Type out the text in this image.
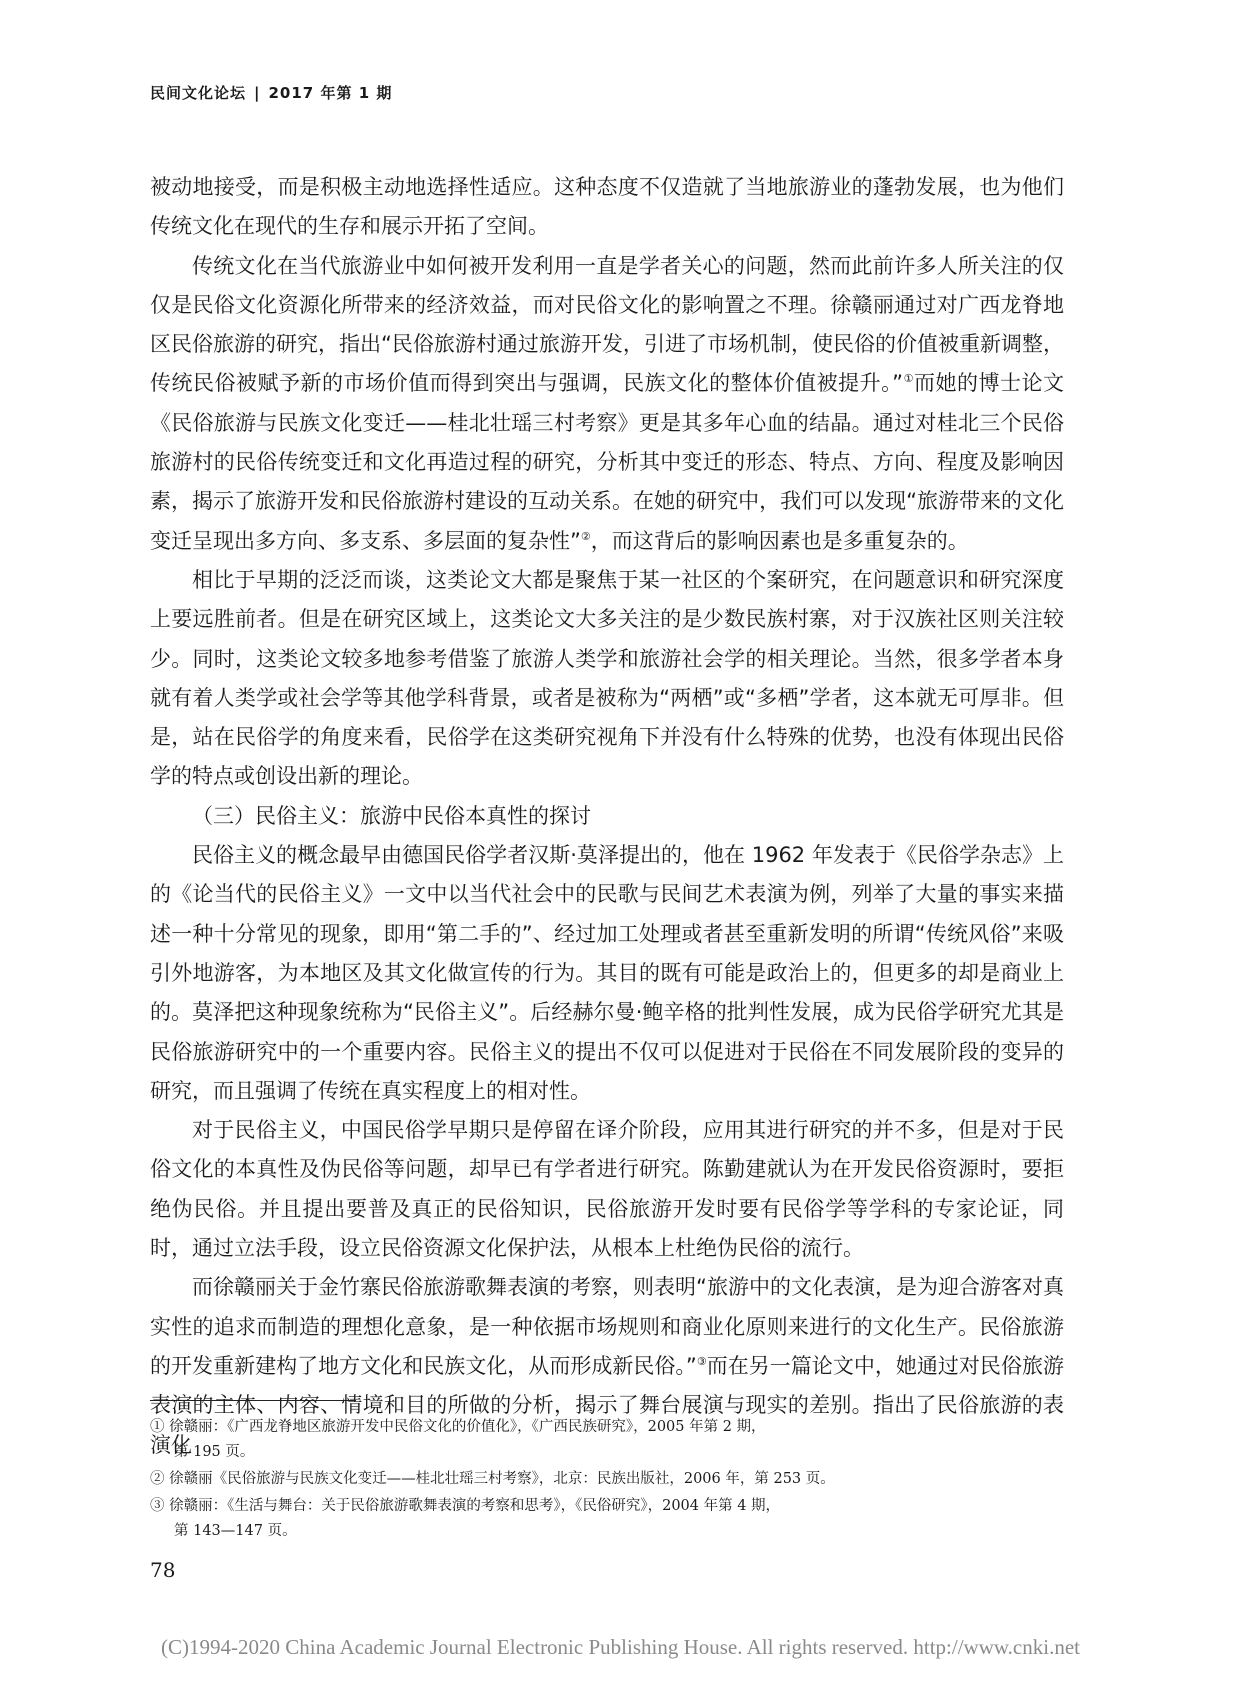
民间文化论坛 | 2017 年第 1 期

被动地接受，而是积极主动地选择性适应。这种态度不仅造就了当地旅游业的蓬勃发展，也为他们传统文化在现代的生存和展示开拓了空间。

传统文化在当代旅游业中如何被开发利用一直是学者关心的问题，然而此前许多人所关注的仅仅是民俗文化资源化所带来的经济效益，而对民俗文化的影响置之不理。徐赣丽通过对广西龙脊地区民俗旅游的研究，指出“民俗旅游村通过旅游开发，引进了市场机制，使民俗的价值被重新调整，传统民俗被赋予新的市场价值而得到突出与强调，民族文化的整体价值被提升。”①而她的博士论文《民俗旅游与民族文化变迁——桂北壮瑶三村考察》更是其多年心血的结晶。通过对桂北三个民俗旅游村的民俗传统变迁和文化再造过程的研究，分析其中变迁的形态、特点、方向、程度及影响因素，揭示了旅游开发和民俗旅游村建设的互动关系。在她的研究中，我们可以发现“旅游带来的文化变迁呈现出多方向、多支系、多层面的复杂性”②，而这背后的影响因素也是多重复杂的。

相比于早期的泛泛而谈，这类论文大都是聚焦于某一社区的个案研究，在问题意识和研究深度上要远胜前者。但是在研究区域上，这类论文大多关注的是少数民族村寨，对于汉族社区则关注较少。同时，这类论文较多地参考借鉴了旅游人类学和旅游社会学的相关理论。当然，很多学者本身就有着人类学或社会学等其他学科背景，或者是被称为“两栖”或“多栖”学者，这本就无可厚非。但是，站在民俗学的角度来看，民俗学在这类研究视角下并没有什么特殊的优势，也没有体现出民俗学的特点或创设出新的理论。

（三）民俗主义：旅游中民俗本真性的探讨

民俗主义的概念最早由德国民俗学者汉斯·莫泽提出的，他在 1962 年发表于《民俗学杂志》上的《论当代的民俗主义》一文中以当代社会中的民歌与民间艺术表演为例，列举了大量的事实来描述一种十分常见的现象，即用“第二手的”、经过加工处理或者甚至重新发明的所谓“传统风俗”来吸引外地游客，为本地区及其文化做宣传的行为。其目的既有可能是政治上的，但更多的却是商业上的。莫泽把这种现象统称为“民俗主义”。后经赫尔曼·鲍辛格的批判性发展，成为民俗学研究尤其是民俗旅游研究中的一个重要内容。民俗主义的提出不仅可以促进对于民俗在不同发展阶段的变异的研究，而且强调了传统在真实程度上的相对性。

对于民俗主义，中国民俗学早期只是停留在译介阶段，应用其进行研究的并不多，但是对于民俗文化的本真性及伪民俗等问题，却早已有学者进行研究。陈勤建就认为在开发民俗资源时，要拒绝伪民俗。并且提出要普及真正的民俗知识，民俗旅游开发时要有民俗学等学科的专家论证，同时，通过立法手段，设立民俗资源文化保护法，从根本上杜绝伪民俗的流行。

而徐赣丽关于金竹寨民俗旅游歌舞表演的考察，则表明“旅游中的文化表演，是为迎合游客对真实性的追求而制造的理想化意象，是一种依据市场规则和商业化原则来进行的文化生产。民俗旅游的开发重新建构了地方文化和民族文化，从而形成新民俗。”③而在另一篇论文中，她通过对民俗旅游表演的主体、内容、情境和目的所做的分析，揭示了舞台展演与现实的差别。指出了民俗旅游的表演化

① 徐赣丽：《广西龙脊地区旅游开发中民俗文化的价值化》，《广西民族研究》，2005 年第 2 期，
第 195 页。
② 徐赣丽《民俗旅游与民族文化变迁——桂北壮瑶三村考察》，北京：民族出版社，2006 年，第 253 页。
③ 徐赣丽：《生活与舞台：关于民俗旅游歌舞表演的考察和思考》，《民俗研究》，2004 年第 4 期，
第 143—147 页。
78
(C)1994-2020 China Academic Journal Electronic Publishing House. All rights reserved. http://www.cnki.net
